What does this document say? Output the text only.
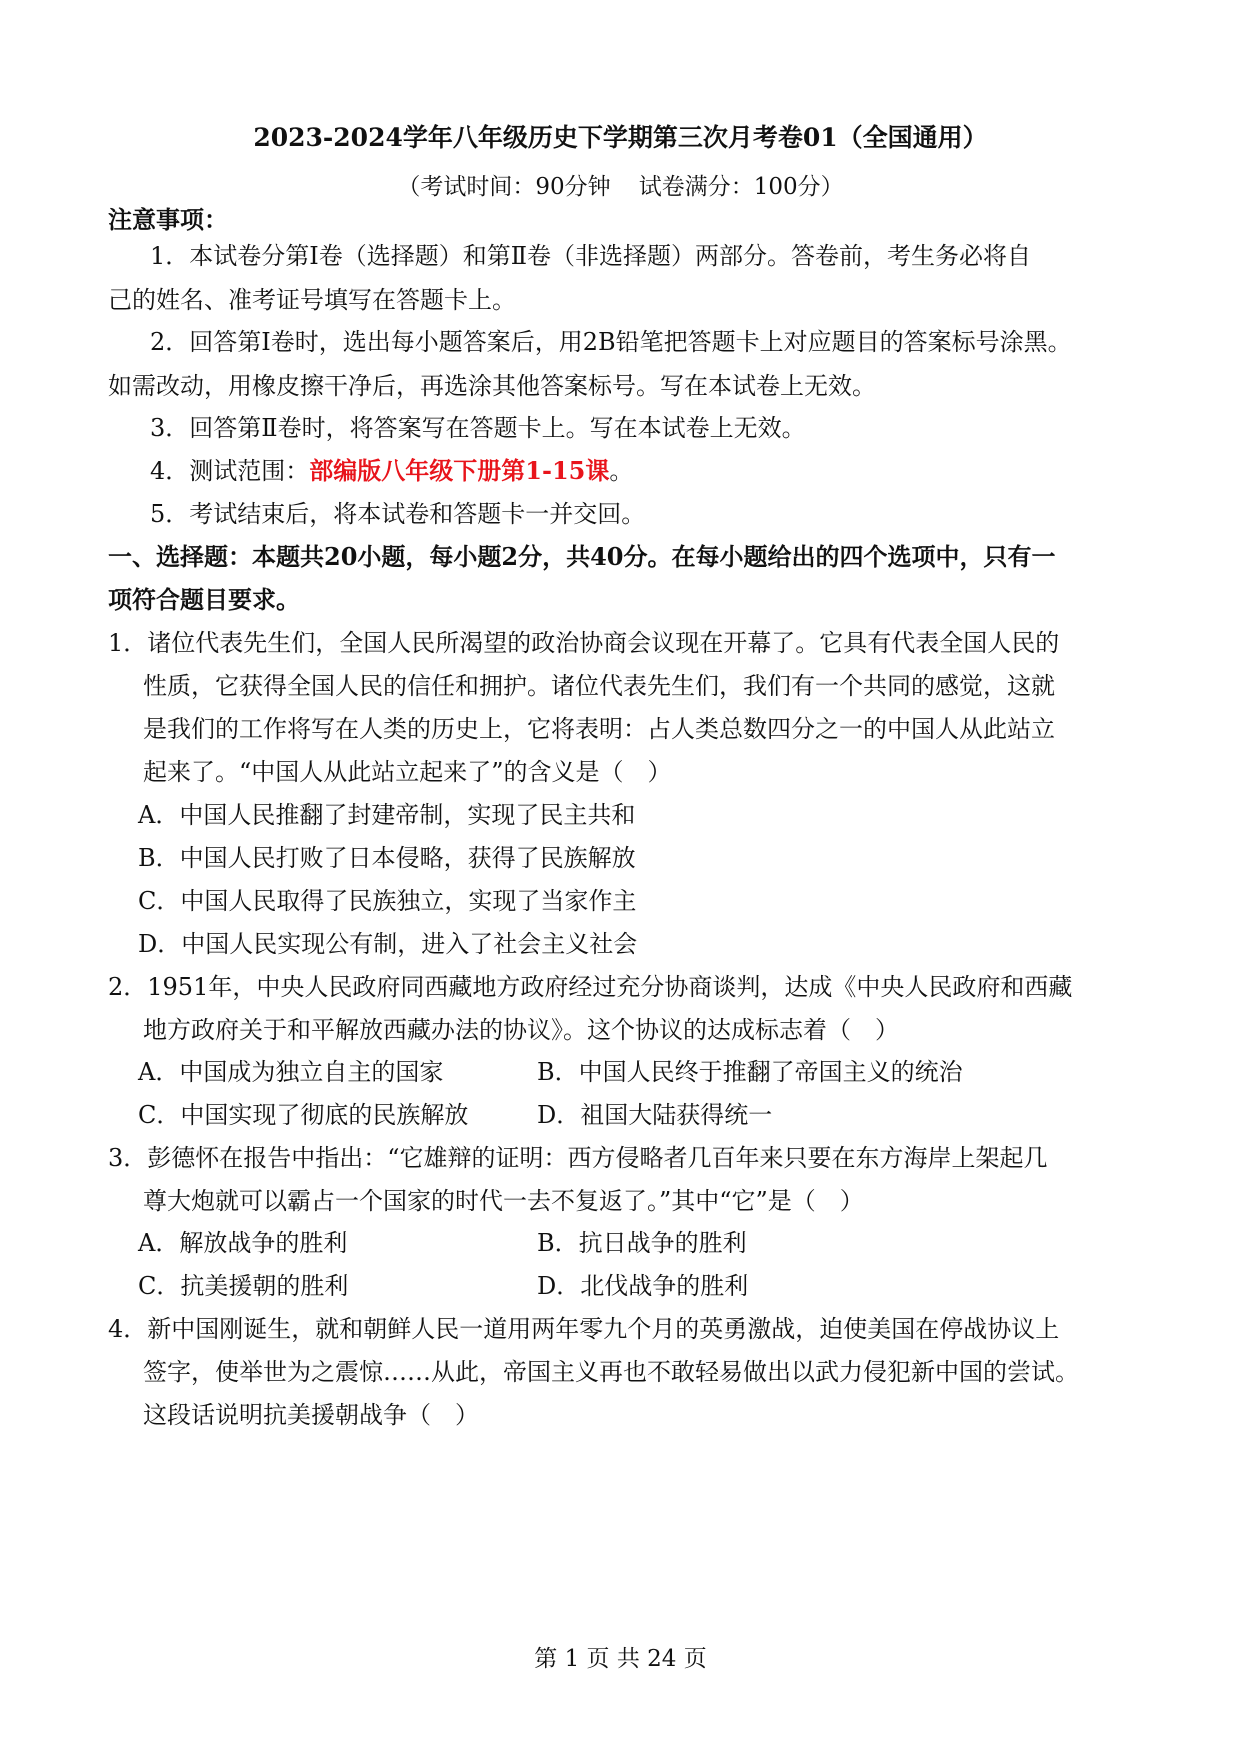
2023-2024学年八年级历史下学期第三次月考卷01（全国通用）
（考试时间：90分钟 试卷满分：100分）
注意事项：
1．本试卷分第Ⅰ卷（选择题）和第Ⅱ卷（非选择题）两部分。答卷前，考生务必将自
己的姓名、准考证号填写在答题卡上。
2．回答第Ⅰ卷时，选出每小题答案后，用2B铅笔把答题卡上对应题目的答案标号涂黑。
如需改动，用橡皮擦干净后，再选涂其他答案标号。写在本试卷上无效。
3．回答第Ⅱ卷时，将答案写在答题卡上。写在本试卷上无效。
4．测试范围：部编版八年级下册第1-15课。
5．考试结束后，将本试卷和答题卡一并交回。
一、选择题：本题共20小题，每小题2分，共40分。在每小题给出的四个选项中，只有一
项符合题目要求。
1．诸位代表先生们，全国人民所渴望的政治协商会议现在开幕了。它具有代表全国人民的
性质，它获得全国人民的信任和拥护。诸位代表先生们，我们有一个共同的感觉，这就
是我们的工作将写在人类的历史上，它将表明：占人类总数四分之一的中国人从此站立
起来了。“中国人从此站立起来了”的含义是（　）
A．中国人民推翻了封建帝制，实现了民主共和
B．中国人民打败了日本侵略，获得了民族解放
C．中国人民取得了民族独立，实现了当家作主
D．中国人民实现公有制，进入了社会主义社会
2．1951年，中央人民政府同西藏地方政府经过充分协商谈判，达成《中央人民政府和西藏
地方政府关于和平解放西藏办法的协议》。这个协议的达成标志着（　）
A．中国成为独立自主的国家	B．中国人民终于推翻了帝国主义的统治
C．中国实现了彻底的民族解放	D．祖国大陆获得统一
3．彭德怀在报告中指出：“它雄辩的证明：西方侵略者几百年来只要在东方海岸上架起几
尊大炮就可以霸占一个国家的时代一去不复返了。”其中“它”是（　）
A．解放战争的胜利	B．抗日战争的胜利
C．抗美援朝的胜利	D．北伐战争的胜利
4．新中国刚诞生，就和朝鲜人民一道用两年零九个月的英勇激战，迫使美国在停战协议上
签字，使举世为之震惊……从此，帝国主义再也不敢轻易做出以武力侵犯新中国的尝试。
这段话说明抗美援朝战争（　）
第 1 页 共 24 页
